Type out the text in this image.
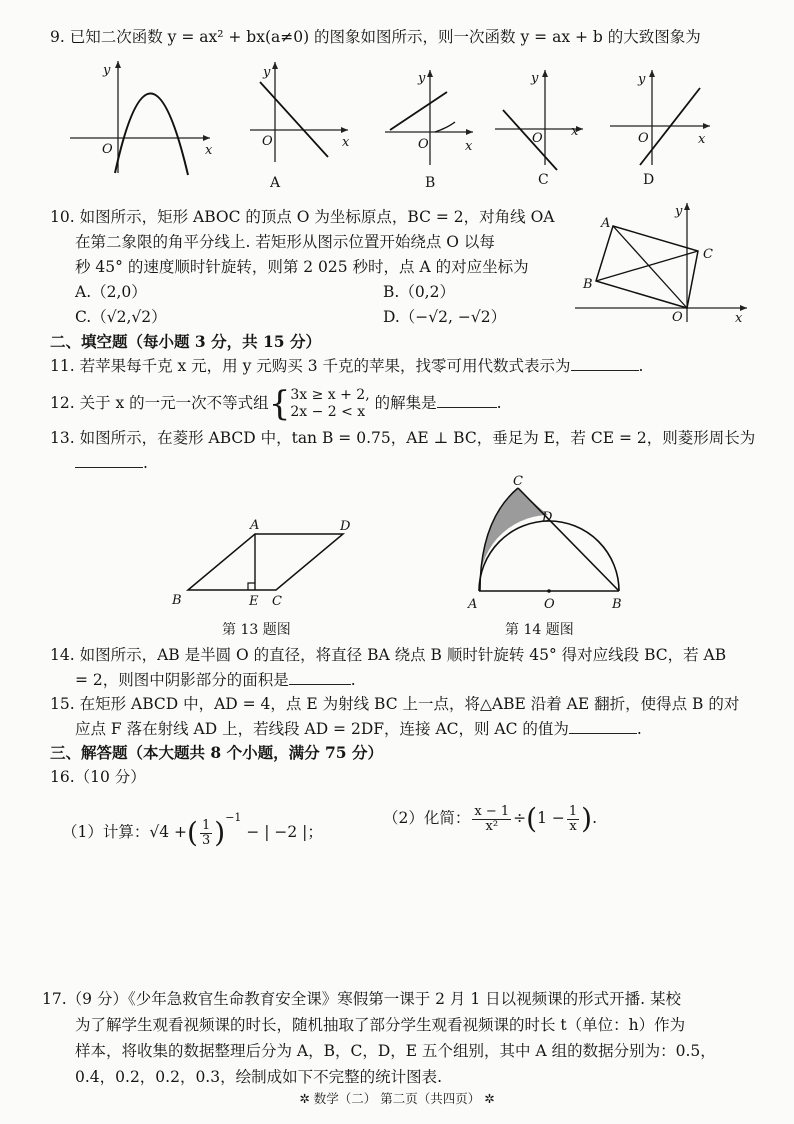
9. 已知二次函数 y = ax² + bx(a≠0) 的图象如图所示，则一次函数 y = ax + b 的大致图象为
y
x
O
y
x
O
A
y
x
O
B
y
x
O
C
y
x
O
D
10. 如图所示，矩形 ABOC 的顶点 O 为坐标原点，BC = 2，对角线 OA
在第二象限的角平分线上. 若矩形从图示位置开始绕点 O 以每
秒 45° 的速度顺时针旋转，则第 2 025 秒时，点 A 的对应坐标为
A.（2,0）	B.（0,2）
C.（√2,√2）	D.（−√2, −√2）
A
B
C
O
y
x
二、填空题（每小题 3 分，共 15 分）
11. 若苹果每千克 x 元，用 y 元购买 3 千克的苹果，找零可用代数式表示为	.
12. 关于 x 的一元一次不等式组{3x ≥ x + 2,
2x − 2 < x 的解集是	.
13. 如图所示，在菱形 ABCD 中，tan B = 0.75，AE ⊥ BC，垂足为 E，若 CE = 2，则菱形周长为
.
A
B	C
D
E
第 13 题图
C
D
A	O	B
第 14 题图
14. 如图所示，AB 是半圆 O 的直径，将直径 BA 绕点 B 顺时针旋转 45° 得对应线段 BC，若 AB
= 2，则图中阴影部分的面积是	.
15. 在矩形 ABCD 中，AD = 4，点 E 为射线 BC 上一点，将△ABE 沿着 AE 翻折，使得点 B 的对
应点 F 落在射线 AD 上，若线段 AD = 2DF，连接 AC，则 AC 的值为	.
三、解答题（本大题共 8 个小题，满分 75 分）
16.（10 分）
（1）计算：√4 +( $\frac{1}{3} )^{-1}$ − | −2 |；
（2）化简： $\frac{x - 1}{\text{x²}} \div(1 - \frac{1}{x}$ ).
17.（9 分）《少年急救官生命教育安全课》寒假第一课于 2 月 1 日以视频课的形式开播. 某校
为了解学生观看视频课的时长，随机抽取了部分学生观看视频课的时长 t（单位：h）作为
样本，将收集的数据整理后分为 A，B，C，D，E 五个组别，其中 A 组的数据分别为：0.5，
0.4，0.2，0.2，0.3，绘制成如下不完整的统计图表.
✲ 数学（二） 第二页（共四页） ✲
